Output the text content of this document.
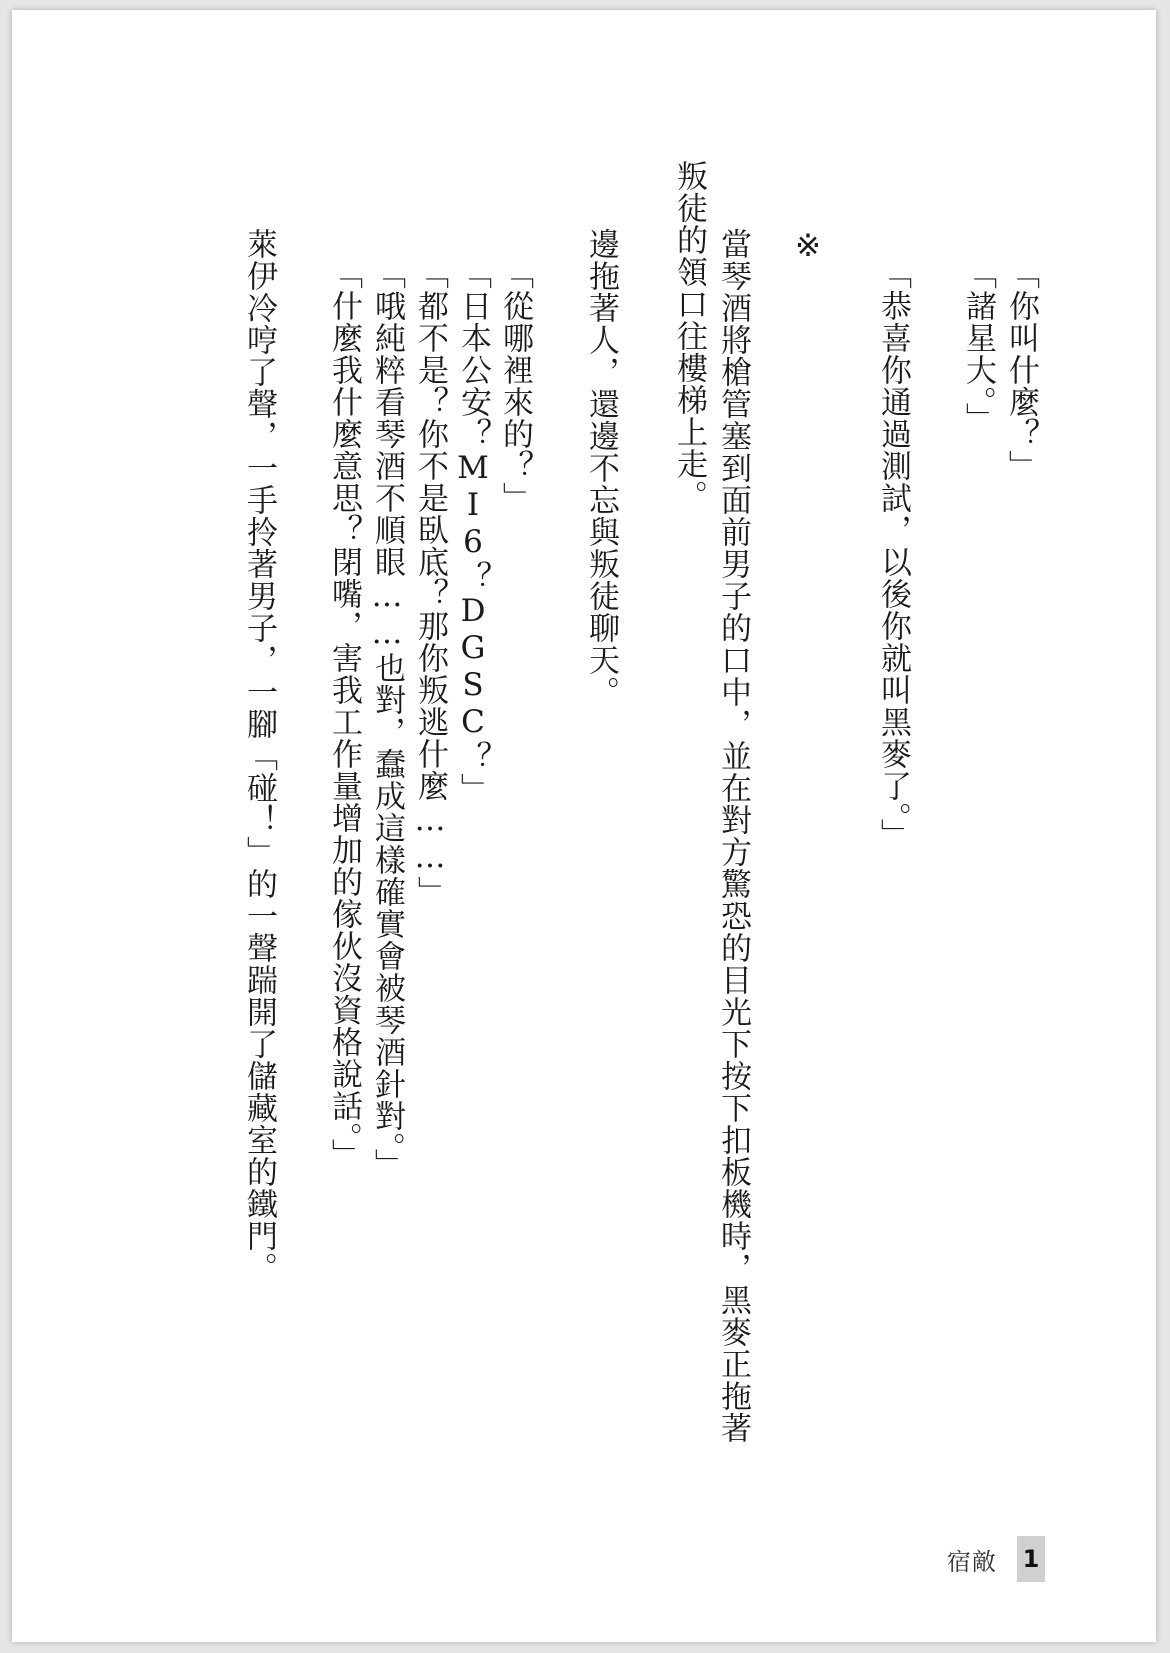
「你叫什麼？」
「諸星大。」
「恭喜你通過測試，以後你就叫黑麥了。」
※
當琴酒將槍管塞到面前男子的口中，並在對方驚恐的目光下按下扣板機時，黑麥正拖著
叛徒的領口往樓梯上走。
邊拖著人，還邊不忘與叛徒聊天。
「從哪裡來的？」
「日本公安？MI6？DGSC？」
「都不是？你不是臥底？那你叛逃什麼……」
「哦純粹看琴酒不順眼……也對，蠢成這樣確實會被琴酒針對。」
「什麼我什麼意思？閉嘴，害我工作量增加的傢伙沒資格說話。」
萊伊冷哼了聲，一手拎著男子，一腳「碰！」的一聲踹開了儲藏室的鐵門。
宿敵 1
